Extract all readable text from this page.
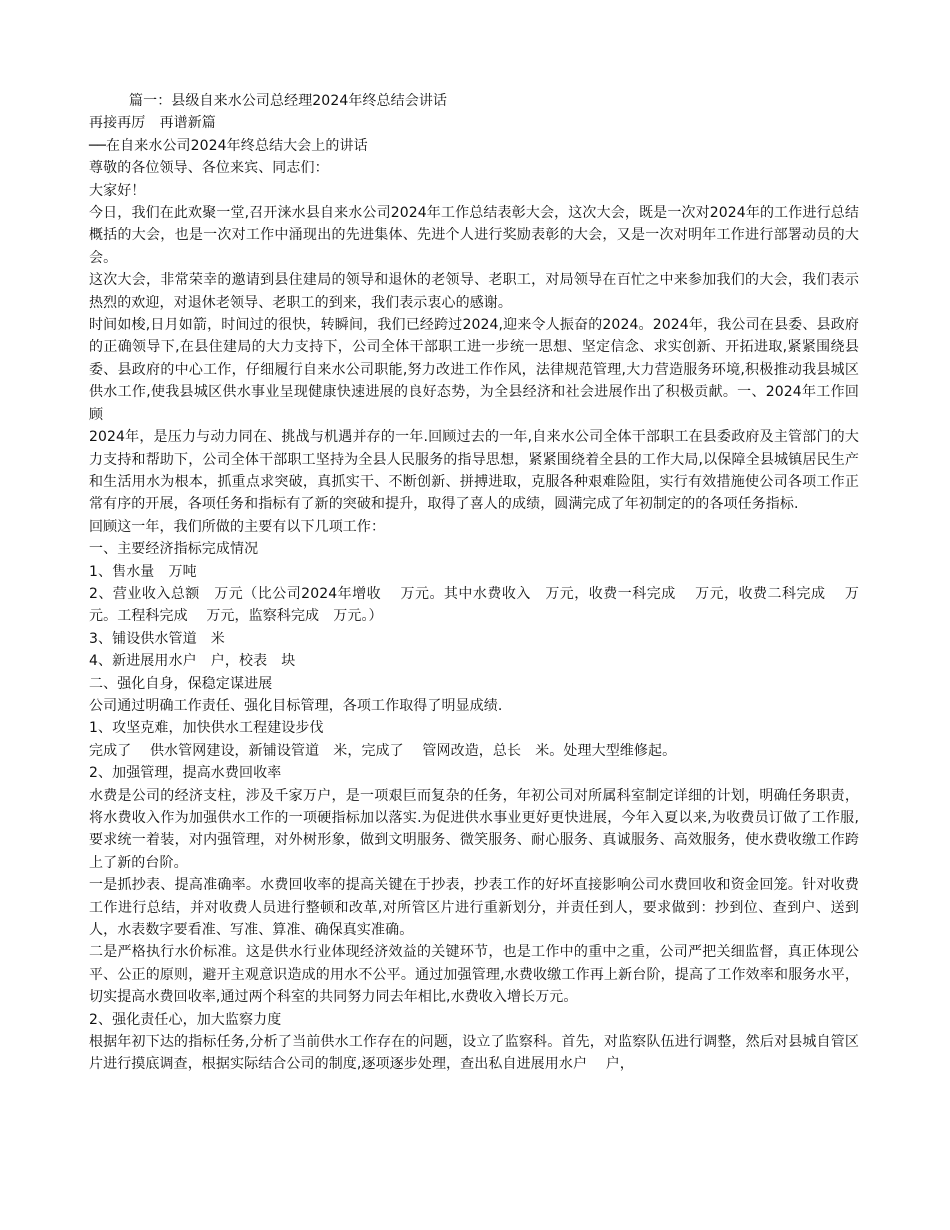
篇一：县级自来水公司总经理2024年终总结会讲话

再接再厉　再谱新篇

──在自来水公司2024年终总结大会上的讲话

尊敬的各位领导、各位来宾、同志们：

大家好！

今日，我们在此欢聚一堂,召开涞水县自来水公司2024年工作总结表彰大会，这次大会，既是一次对2024年的工作进行总结概括的大会，也是一次对工作中涌现出的先进集体、先进个人进行奖励表彰的大会，又是一次对明年工作进行部署动员的大会。

这次大会，非常荣幸的邀请到县住建局的领导和退休的老领导、老职工，对局领导在百忙之中来参加我们的大会，我们表示热烈的欢迎，对退休老领导、老职工的到来，我们表示衷心的感谢。

时间如梭,日月如箭，时间过的很快，转瞬间，我们已经跨过2024,迎来令人振奋的2024。2024年，我公司在县委、县政府的正确领导下,在县住建局的大力支持下，公司全体干部职工进一步统一思想、坚定信念、求实创新、开拓进取,紧紧围绕县委、县政府的中心工作，仔细履行自来水公司职能,努力改进工作作风，法律规范管理,大力营造服务环境,积极推动我县城区供水工作,使我县城区供水事业呈现健康快速进展的良好态势，为全县经济和社会进展作出了积极贡献。一、2024年工作回顾

2024年，是压力与动力同在、挑战与机遇并存的一年.回顾过去的一年,自来水公司全体干部职工在县委政府及主管部门的大力支持和帮助下，公司全体干部职工坚持为全县人民服务的指导思想，紧紧围绕着全县的工作大局,以保障全县城镇居民生产和生活用水为根本，抓重点求突破，真抓实干、不断创新、拼搏进取，克服各种艰难险阻，实行有效措施使公司各项工作正常有序的开展，各项任务和指标有了新的突破和提升，取得了喜人的成绩，圆满完成了年初制定的的各项任务指标.

回顾这一年，我们所做的主要有以下几项工作：

一、主要经济指标完成情况

1、售水量　万吨

2、营业收入总额　万元（比公司2024年增收　 万元。其中水费收入　万元，收费一科完成　 万元，收费二科完成　 万元。工程科完成　 万元，监察科完成　万元。）

3、铺设供水管道　米

4、新进展用水户　户，校表　块

二、强化自身，保稳定谋进展

公司通过明确工作责任、强化目标管理，各项工作取得了明显成绩.

1、攻坚克难，加快供水工程建设步伐

完成了　 供水管网建设，新铺设管道　米，完成了　 管网改造，总长　米。处理大型维修起。

2、加强管理，提高水费回收率

水费是公司的经济支柱，涉及千家万户，是一项艰巨而复杂的任务，年初公司对所属科室制定详细的计划，明确任务职责，将水费收入作为加强供水工作的一项硬指标加以落实.为促进供水事业更好更快进展，今年入夏以来,为收费员订做了工作服,要求统一着装，对内强管理，对外树形象，做到文明服务、微笑服务、耐心服务、真诚服务、高效服务，使水费收缴工作跨上了新的台阶。

一是抓抄表、提高准确率。水费回收率的提高关键在于抄表，抄表工作的好坏直接影响公司水费回收和资金回笼。针对收费工作进行总结，并对收费人员进行整顿和改革,对所管区片进行重新划分，并责任到人，要求做到：抄到位、查到户、送到人，水表数字要看准、写准、算准、确保真实准确。

二是严格执行水价标准。这是供水行业体现经济效益的关键环节，也是工作中的重中之重，公司严把关细监督，真正体现公平、公正的原则，避开主观意识造成的用水不公平。通过加强管理,水费收缴工作再上新台阶，提高了工作效率和服务水平，切实提高水费回收率,通过两个科室的共同努力同去年相比,水费收入增长万元。

2、强化责任心，加大监察力度

根据年初下达的指标任务,分析了当前供水工作存在的问题，设立了监察科。首先，对监察队伍进行调整，然后对县城自管区片进行摸底调查，根据实际结合公司的制度,逐项逐步处理，查出私自进展用水户　 户，
